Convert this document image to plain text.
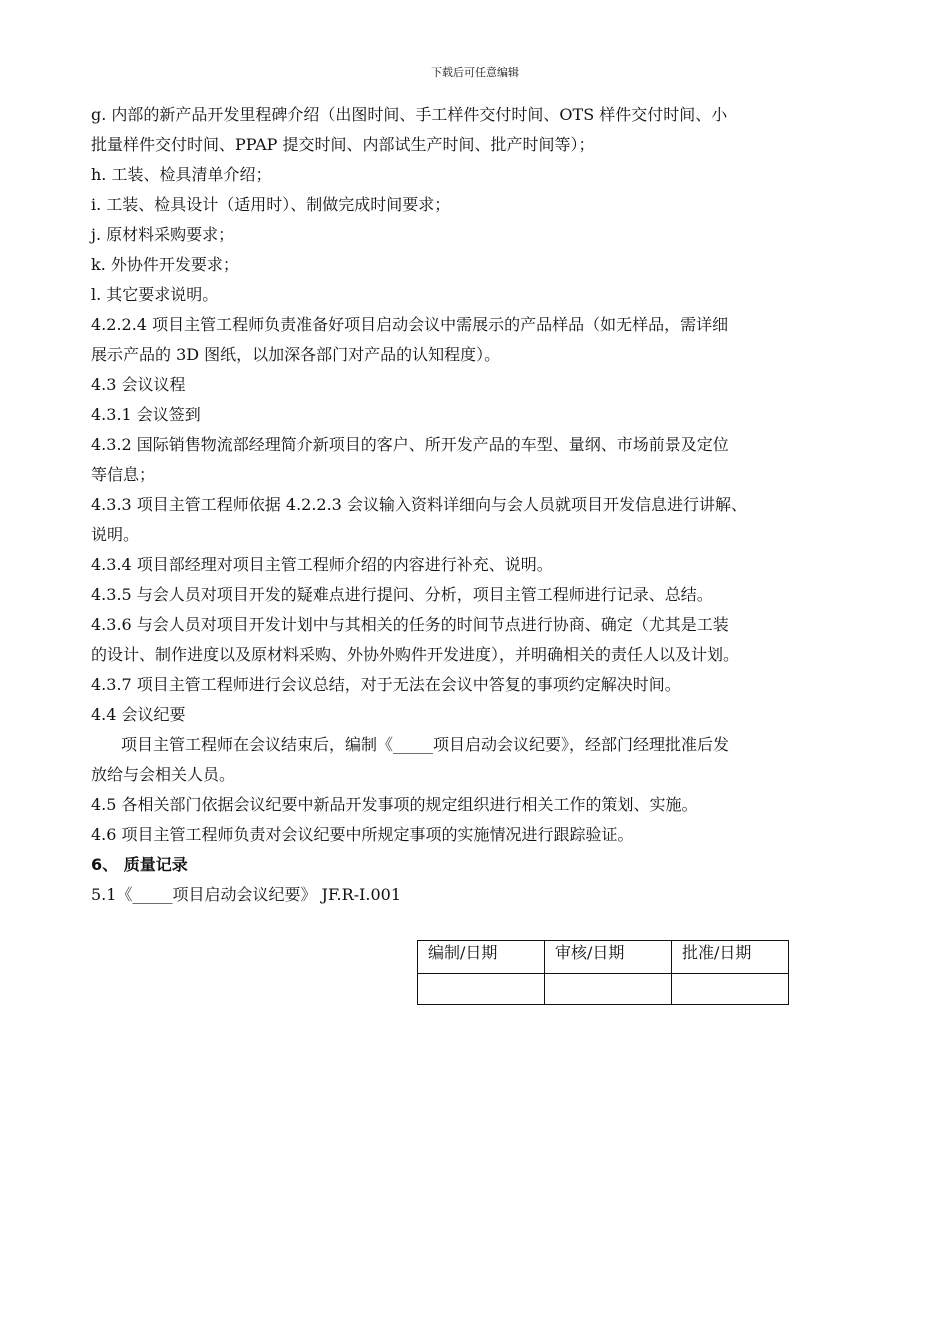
下载后可任意编辑
g. 内部的新产品开发里程碑介绍（出图时间、手工样件交付时间、OTS 样件交付时间、小
批量样件交付时间、PPAP 提交时间、内部试生产时间、批产时间等）；
h. 工装、检具清单介绍；
i. 工装、检具设计（适用时）、制做完成时间要求；
j. 原材料采购要求；
k. 外协件开发要求；
l. 其它要求说明。
4.2.2.4 项目主管工程师负责准备好项目启动会议中需展示的产品样品（如无样品，需详细
展示产品的 3D 图纸，以加深各部门对产品的认知程度）。
4.3 会议议程
4.3.1 会议签到
4.3.2 国际销售物流部经理简介新项目的客户、所开发产品的车型、量纲、市场前景及定位
等信息；
4.3.3 项目主管工程师依据 4.2.2.3 会议输入资料详细向与会人员就项目开发信息进行讲解、
说明。
4.3.4 项目部经理对项目主管工程师介绍的内容进行补充、说明。
4.3.5 与会人员对项目开发的疑难点进行提问、分析，项目主管工程师进行记录、总结。
4.3.6 与会人员对项目开发计划中与其相关的任务的时间节点进行协商、确定（尤其是工装
的设计、制作进度以及原材料采购、外协外购件开发进度），并明确相关的责任人以及计划。
4.3.7 项目主管工程师进行会议总结，对于无法在会议中答复的事项约定解决时间。
4.4 会议纪要
项目主管工程师在会议结束后，编制《_____项目启动会议纪要》，经部门经理批准后发
放给与会相关人员。
4.5 各相关部门依据会议纪要中新品开发事项的规定组织进行相关工作的策划、实施。
4.6 项目主管工程师负责对会议纪要中所规定事项的实施情况进行跟踪验证。
6、 质量记录
5.1《_____项目启动会议纪要》 JF.R-I.001
编制/日期	审核/日期	批准/日期
